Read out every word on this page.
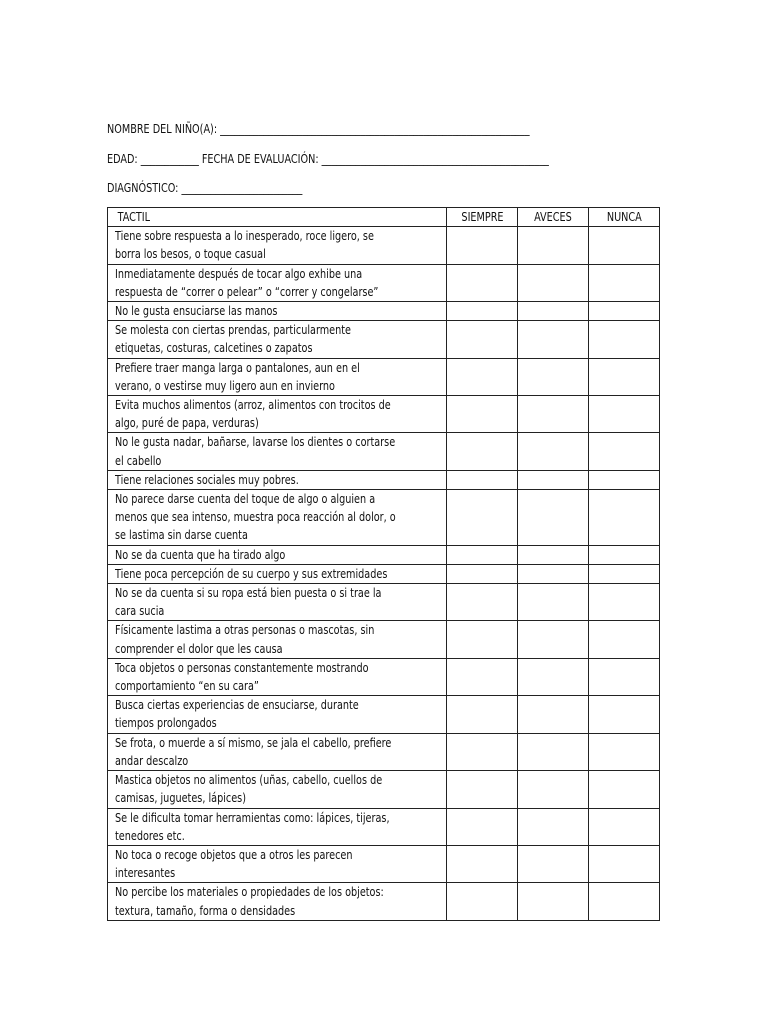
NOMBRE DEL NIÑO(A): ________________________________________________________________
EDAD: ____________ FECHA DE EVALUACIÓN: _______________________________________________
DIAGNÓSTICO: _________________________
TACTIL	SIEMPRE	AVECES	NUNCA

Tiene sobre respuesta a lo inesperado, roce ligero, se
borra los besos, o toque casual			

Inmediatamente después de tocar algo exhibe una
respuesta de “correr o pelear” o “correr y congelarse”			

No le gusta ensuciarse las manos			

Se molesta con ciertas prendas, particularmente
etiquetas, costuras, calcetines o zapatos			

Prefiere traer manga larga o pantalones, aun en el
verano, o vestirse muy ligero aun en invierno			

Evita muchos alimentos (arroz, alimentos con trocitos de
algo, puré de papa, verduras)			

No le gusta nadar, bañarse, lavarse los dientes o cortarse
el cabello			

Tiene relaciones sociales muy pobres.			

No parece darse cuenta del toque de algo o alguien a
menos que sea intenso, muestra poca reacción al dolor, o
se lastima sin darse cuenta			

No se da cuenta que ha tirado algo			

Tiene poca percepción de su cuerpo y sus extremidades			

No se da cuenta si su ropa está bien puesta o si trae la
cara sucia			

Físicamente lastima a otras personas o mascotas, sin
comprender el dolor que les causa			

Toca objetos o personas constantemente mostrando
comportamiento “en su cara”			

Busca ciertas experiencias de ensuciarse, durante
tiempos prolongados			

Se frota, o muerde a sí mismo, se jala el cabello, prefiere
andar descalzo			

Mastica objetos no alimentos (uñas, cabello, cuellos de
camisas, juguetes, lápices)			

Se le dificulta tomar herramientas como: lápices, tijeras,
tenedores etc.			

No toca o recoge objetos que a otros les parecen
interesantes			

No percibe los materiales o propiedades de los objetos:
textura, tamaño, forma o densidades			
